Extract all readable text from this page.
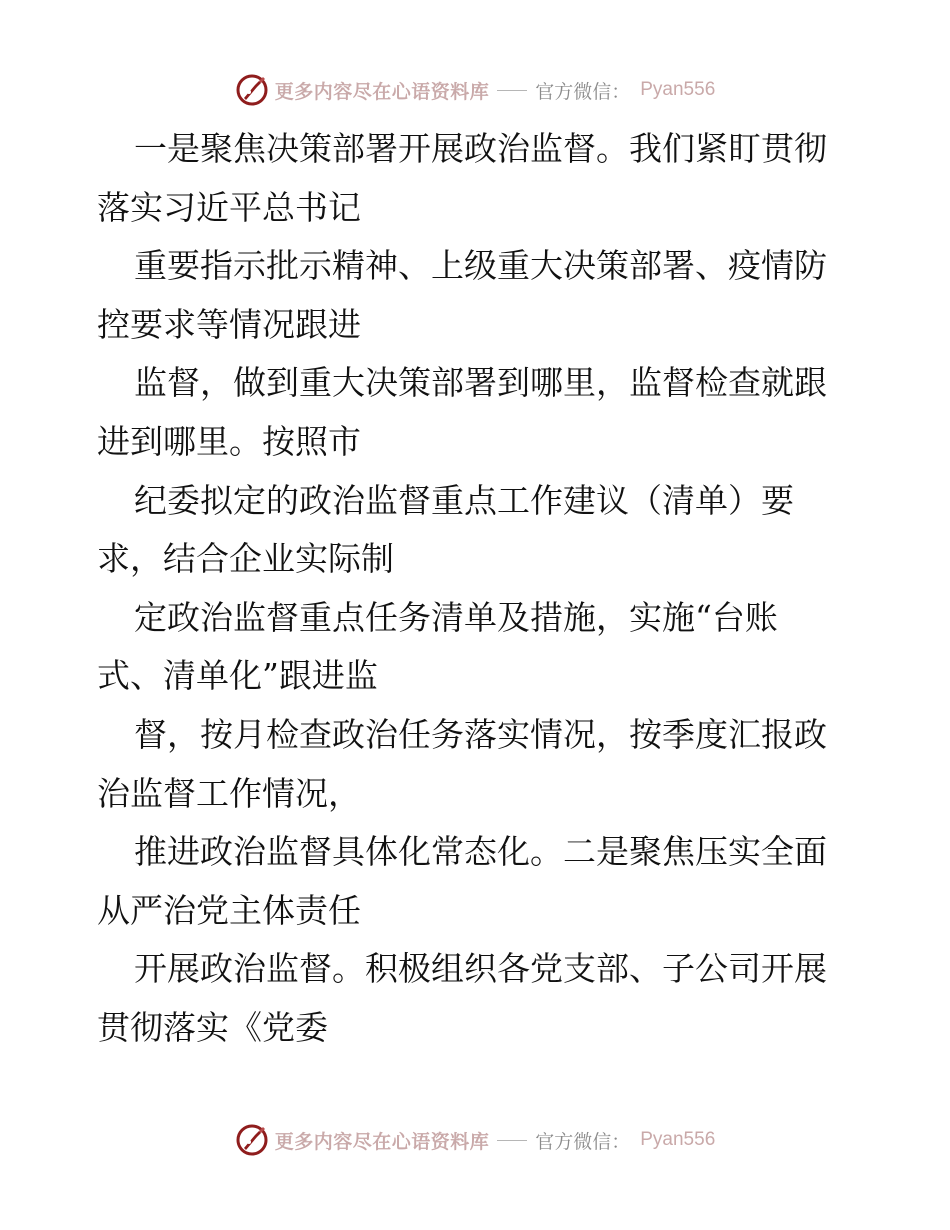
更多内容尽在心语资料库 官方微信： Pyan556
一是聚焦决策部署开展政治监督。我们紧盯贯彻
落实习近平总书记
重要指示批示精神、上级重大决策部署、疫情防
控要求等情况跟进
监督，做到重大决策部署到哪里，监督检查就跟
进到哪里。按照市
纪委拟定的政治监督重点工作建议（清单）要
求，结合企业实际制
定政治监督重点任务清单及措施，实施“台账
式、清单化”跟进监
督，按月检查政治任务落实情况，按季度汇报政
治监督工作情况，
推进政治监督具体化常态化。二是聚焦压实全面
从严治党主体责任
开展政治监督。积极组织各党支部、子公司开展
贯彻落实《党委
更多内容尽在心语资料库 官方微信： Pyan556
